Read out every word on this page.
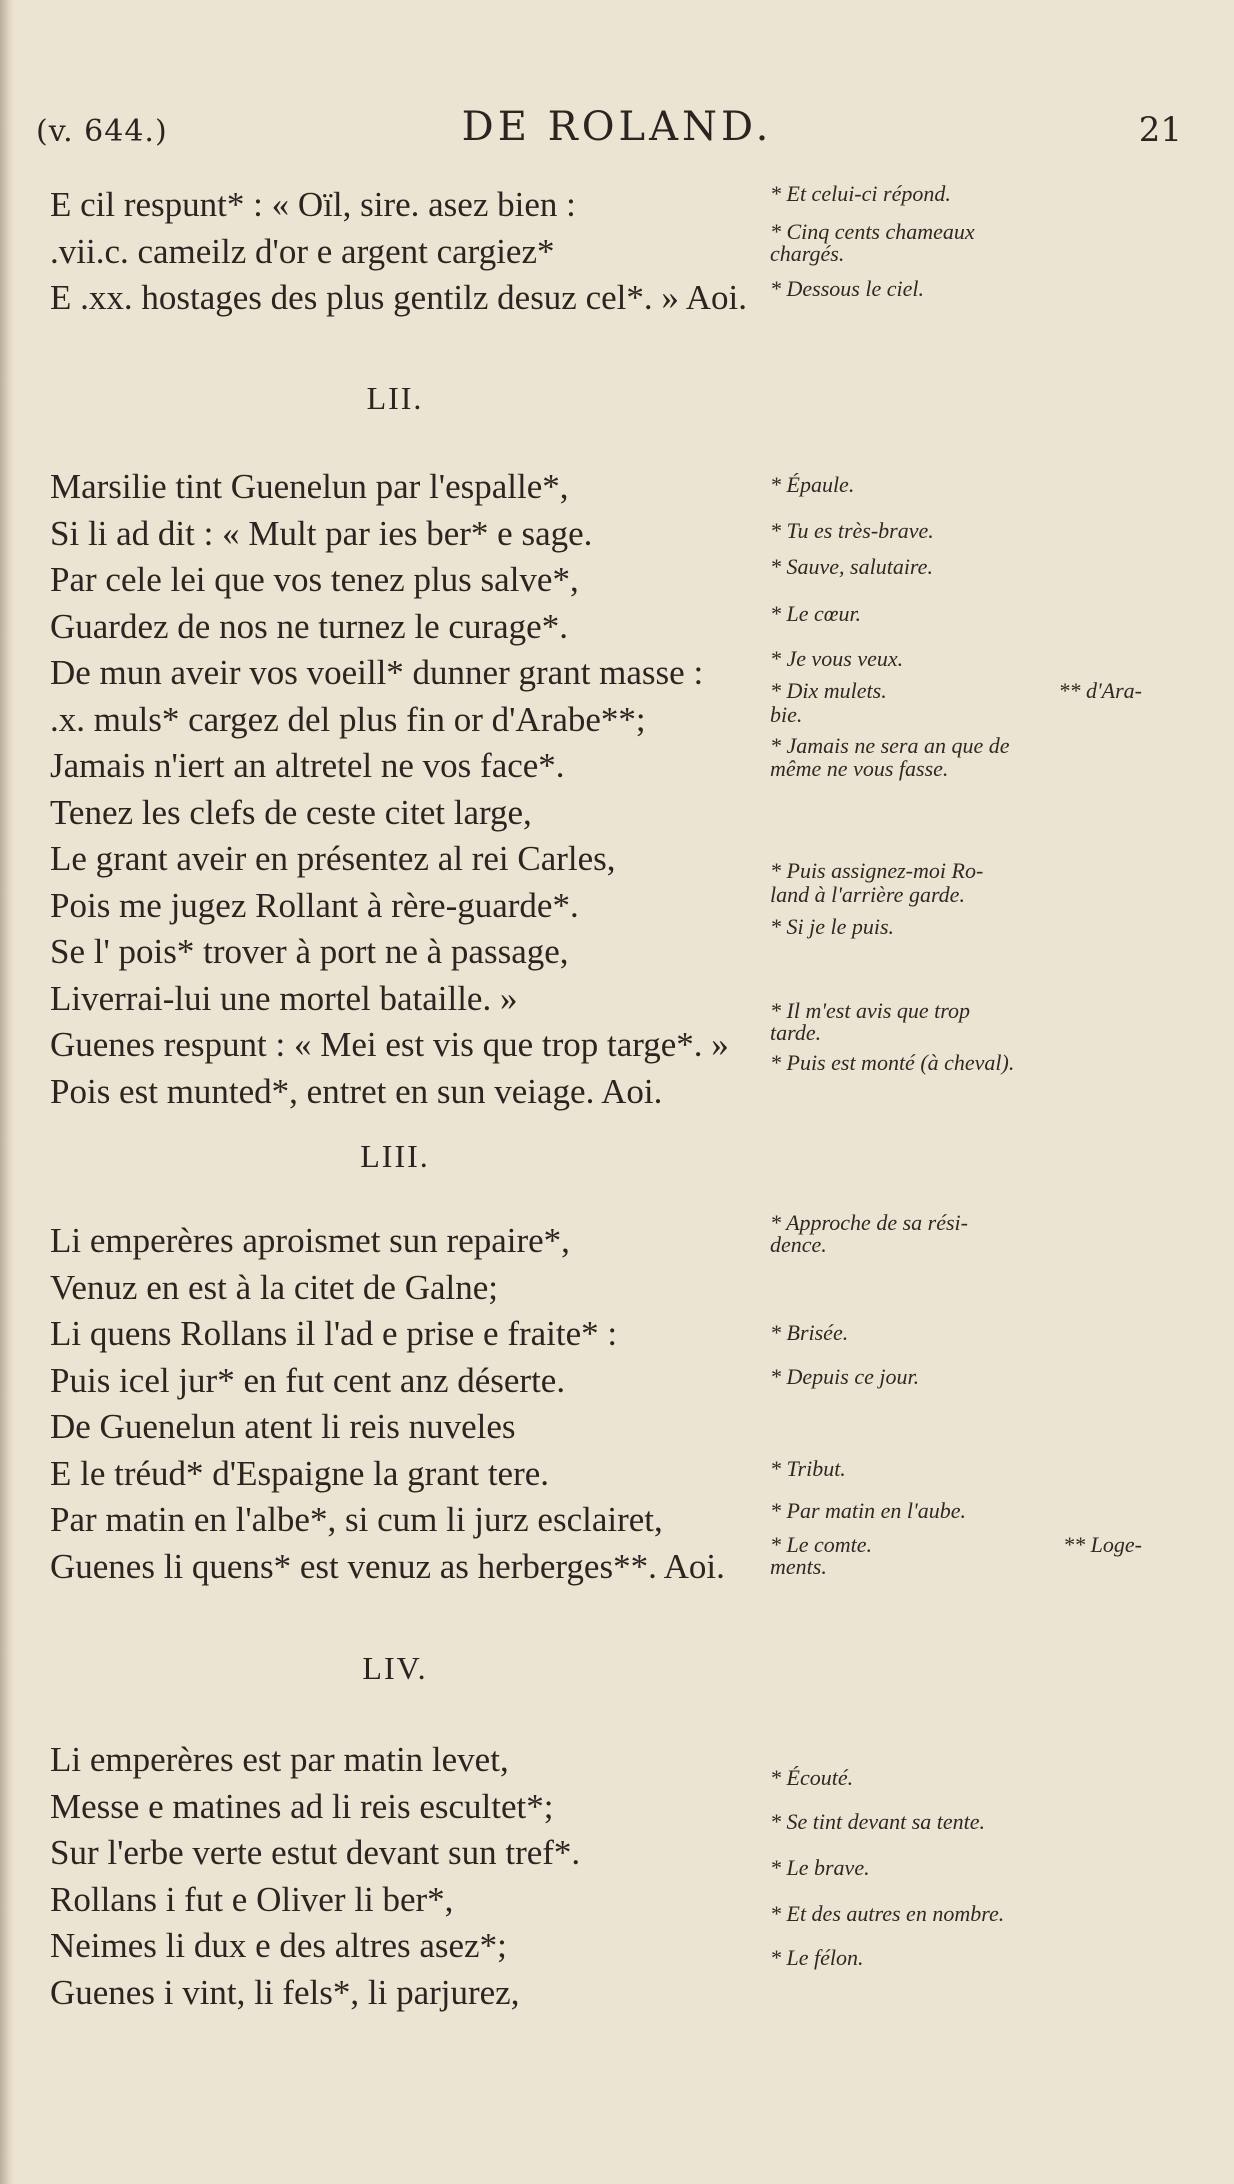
(v. 644.)	DE ROLAND.	21
E cil respunt* : « Oïl, sire. asez bien :
.vii.c. cameilz d'or e argent cargiez*
E .xx. hostages des plus gentilz desuz cel*. » Aoi.
* Et celui-ci répond.
* Cinq cents chameaux
chargés.
* Dessous le ciel.
LII.
Marsilie tint Guenelun par l'espalle*,
Si li ad dit : « Mult par ies ber* e sage.
Par cele lei que vos tenez plus salve*,
Guardez de nos ne turnez le curage*.
De mun aveir vos voeill* dunner grant masse :
.x. muls* cargez del plus fin or d'Arabe**;
Jamais n'iert an altretel ne vos face*.
Tenez les clefs de ceste citet large,
Le grant aveir en présentez al rei Carles,
Pois me jugez Rollant à rère-guarde*.
Se l' pois* trover à port ne à passage,
Liverrai-lui une mortel bataille. »
Guenes respunt : « Mei est vis que trop targe*. »
Pois est munted*, entret en sun veiage. Aoi.
* Épaule.
* Tu es très-brave.
* Sauve, salutaire.
* Le cœur.
* Je vous veux.
* Dix mulets.	** d'Ara-
bie.
* Jamais ne sera an que de
même ne vous fasse.
* Puis assignez-moi Ro-
land à l'arrière garde.
* Si je le puis.
* Il m'est avis que trop
tarde.
* Puis est monté (à cheval).
LIII.
Li emperères aproismet sun repaire*,
Venuz en est à la citet de Galne;
Li quens Rollans il l'ad e prise e fraite* :
Puis icel jur* en fut cent anz déserte.
De Guenelun atent li reis nuveles
E le tréud* d'Espaigne la grant tere.
Par matin en l'albe*, si cum li jurz esclairet,
Guenes li quens* est venuz as herberges**. Aoi.
* Approche de sa rési-
dence.
* Brisée.
* Depuis ce jour.
* Tribut.
* Par matin en l'aube.
* Le comte.	** Loge-
ments.
LIV.
Li emperères est par matin levet,
Messe e matines ad li reis escultet*;
Sur l'erbe verte estut devant sun tref*.
Rollans i fut e Oliver li ber*,
Neimes li dux e des altres asez*;
Guenes i vint, li fels*, li parjurez,
* Écouté.
* Se tint devant sa tente.
* Le brave.
* Et des autres en nombre.
* Le félon.
